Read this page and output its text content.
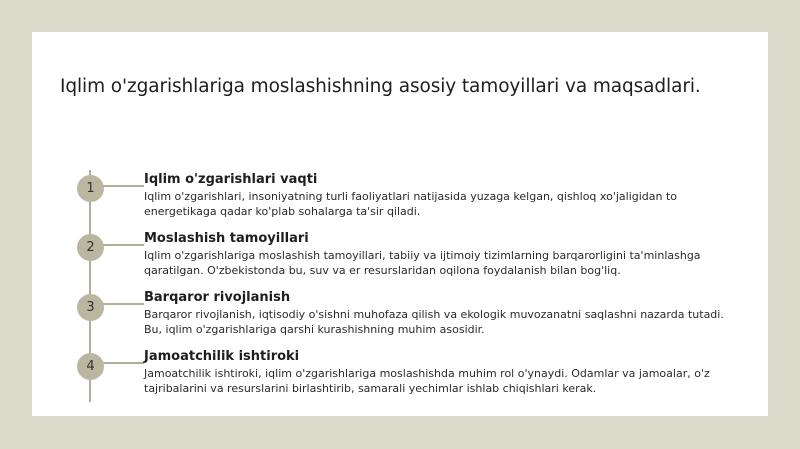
Iqlim o'zgarishlariga moslashishning asosiy tamoyillari va maqsadlari.
1
Iqlim o'zgarishlari vaqti
Iqlim o'zgarishlari, insoniyatning turli faoliyatlari natijasida yuzaga kelgan, qishloq xo'jaligidan to energetikaga qadar ko'plab sohalarga ta'sir qiladi.
2
Moslashish tamoyillari
Iqlim o'zgarishlariga moslashish tamoyillari, tabiiy va ijtimoiy tizimlarning barqarorligini ta'minlashga qaratilgan. O'zbekistonda bu, suv va er resurslaridan oqilona foydalanish bilan bog'liq.
3
Barqaror rivojlanish
Barqaror rivojlanish, iqtisodiy o'sishni muhofaza qilish va ekologik muvozanatni saqlashni nazarda tutadi. Bu, iqlim o'zgarishlariga qarshi kurashishning muhim asosidir.
4
Jamoatchilik ishtiroki
Jamoatchilik ishtiroki, iqlim o'zgarishlariga moslashishda muhim rol o'ynaydi. Odamlar va jamoalar, o'z tajribalarini va resurslarini birlashtirib, samarali yechimlar ishlab chiqishlari kerak.
